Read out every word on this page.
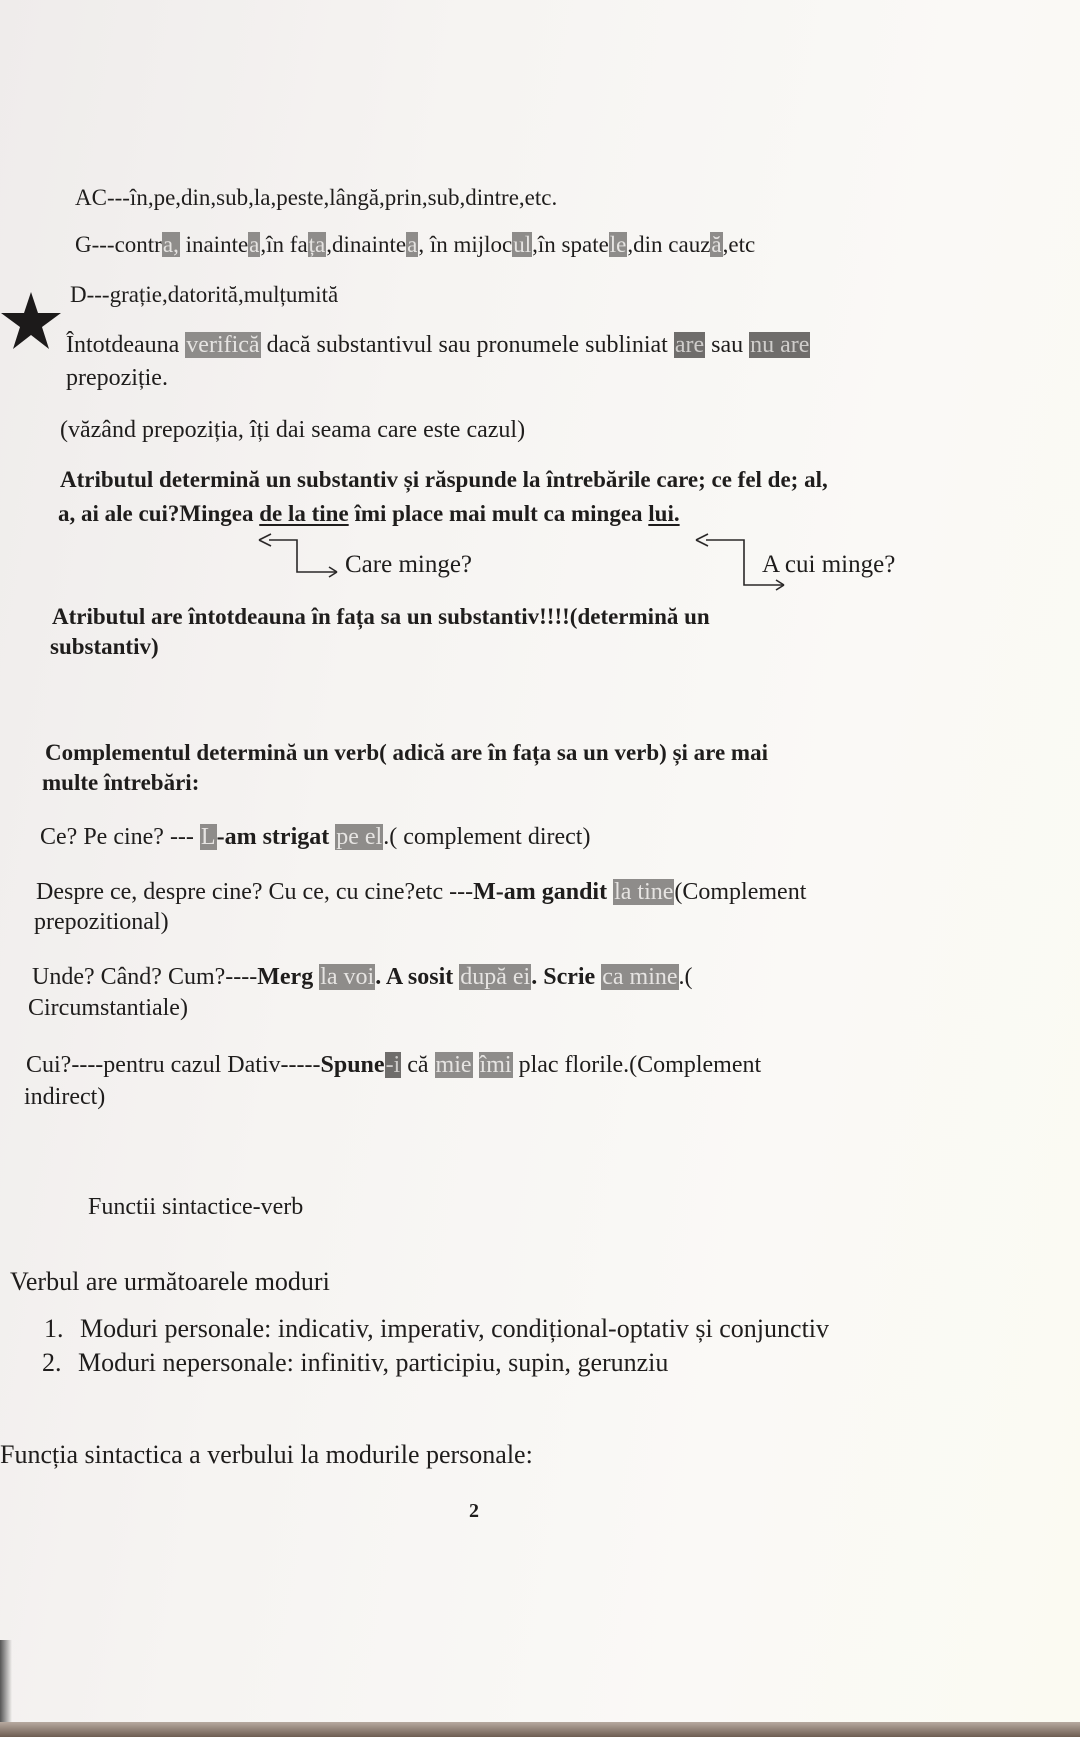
AC---în,pe,din,sub,la,peste,lângă,prin,sub,dintre,etc.
G---contra, inaintea,în fața,dinaintea, în mijlocul,în spatele,din cauză,etc
D---grație,datorită,mulțumită
Întotdeauna verifică dacă substantivul sau pronumele subliniat are sau nu are
prepoziție.
(văzând prepoziția, îți dai seama care este cazul)
Atributul determină un substantiv și răspunde la întrebările care; ce fel de; al,
a, ai ale cui?Mingea de la tine îmi place mai mult ca mingea lui.
Care minge?	A cui minge?
Atributul are întotdeauna în fața sa un substantiv!!!!(determină un
substantiv)
Complementul determină un verb( adică are în fața sa un verb) și are mai
multe întrebări:
Ce? Pe cine? --- L-am strigat pe el.( complement direct)
Despre ce, despre cine? Cu ce, cu cine?etc ---M-am gandit la tine(Complement
prepozitional)
Unde? Când? Cum?----Merg la voi. A sosit după ei. Scrie ca mine.(
Circumstantiale)
Cui?----pentru cazul Dativ-----Spune-i că mie îmi plac florile.(Complement
indirect)
Functii sintactice-verb
Verbul are următoarele moduri
1. Moduri personale: indicativ, imperativ, condițional-optativ și conjunctiv
2. Moduri nepersonale: infinitiv, participiu, supin, gerunziu
Funcția sintactica a verbului la modurile personale:
2
